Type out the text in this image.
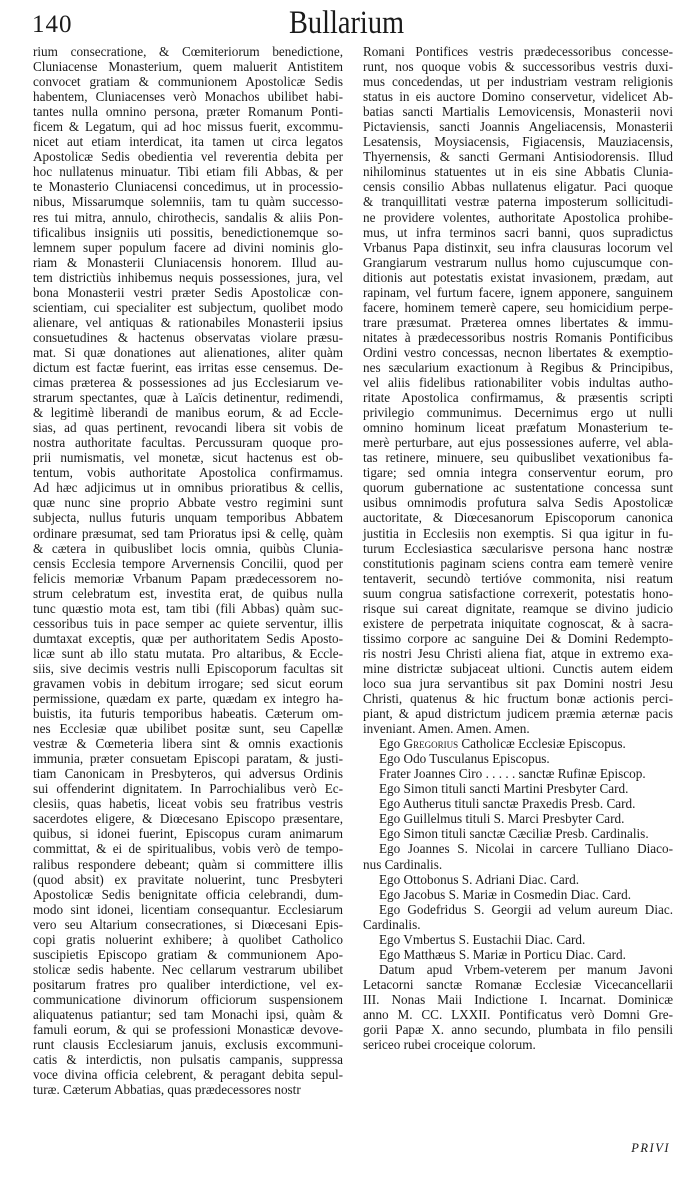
140	Bullarium
rium consecratione, & Cœmiteriorum benedictione,
Cluniacense Monasterium, quem maluerit Antistitem
convocet gratiam & communionem Apostolicæ Sedis
habentem, Cluniacenses verò Monachos ubilibet habi-
tantes nulla omnino persona, præter Romanum Ponti-
ficem & Legatum, qui ad hoc missus fuerit, excommu-
nicet aut etiam interdicat, ita tamen ut circa legatos
Apostolicæ Sedis obedientia vel reverentia debita per
hoc nullatenus minuatur. Tibi etiam fili Abbas, & per
te Monasterio Cluniacensi concedimus, ut in processio-
nibus, Missarumque solemniis, tam tu quàm successo-
res tui mitra, annulo, chirothecis, sandalis & aliis Pon-
tificalibus insigniis uti possitis, benedictionemque so-
lemnem super populum facere ad divini nominis glo-
riam & Monasterii Cluniacensis honorem. Illud au-
tem districtiùs inhibemus nequis possessiones, jura, vel
bona Monasterii vestri præter Sedis Apostolicæ con-
scientiam, cui specialiter est subjectum, quolibet modo
alienare, vel antiquas & rationabiles Monasterii ipsius
consuetudines & hactenus observatas violare præsu-
mat. Si quæ donationes aut alienationes, aliter quàm
dictum est factæ fuerint, eas irritas esse censemus. De-
cimas præterea & possessiones ad jus Ecclesiarum ve-
strarum spectantes, quæ à Laïcis detinentur, redimendi,
& legitimè liberandi de manibus eorum, & ad Eccle-
sias, ad quas pertinent, revocandi libera sit vobis de
nostra authoritate facultas. Percussuram quoque pro-
prii numismatis, vel monetæ, sicut hactenus est ob-
tentum, vobis authoritate Apostolica confirmamus.
Ad hæc adjicimus ut in omnibus prioratibus & cellis,
quæ nunc sine proprio Abbate vestro regimini sunt
subjecta, nullus futuris unquam temporibus Abbatem
ordinare præsumat, sed tam Prioratus ipsi & cellę, quàm
& cætera in quibuslibet locis omnia, quibùs Clunia-
censis Ecclesia tempore Arvernensis Concilii, quod per
felicis memoriæ Vrbanum Papam prædecessorem no-
strum celebratum est, investita erat, de quibus nulla
tunc quæstio mota est, tam tibi (fili Abbas) quàm suc-
cessoribus tuis in pace semper ac quiete serventur, illis
dumtaxat exceptis, quæ per authoritatem Sedis Aposto-
licæ sunt ab illo statu mutata. Pro altaribus, & Eccle-
siis, sive decimis vestris nulli Episcoporum facultas sit
gravamen vobis in debitum irrogare; sed sicut eorum
permissione, quædam ex parte, quædam ex integro ha-
buistis, ita futuris temporibus habeatis. Cæterum om-
nes Ecclesiæ quæ ubilibet positæ sunt, seu Capellæ
vestræ & Cœmeteria libera sint & omnis exactionis
immunia, præter consuetam Episcopi paratam, & justi-
tiam Canonicam in Presbyteros, qui adversus Ordinis
sui offenderint dignitatem. In Parrochialibus verò Ec-
clesiis, quas habetis, liceat vobis seu fratribus vestris
sacerdotes eligere, & Diœcesano Episcopo præsentare,
quibus, si idonei fuerint, Episcopus curam animarum
committat, & ei de spiritualibus, vobis verò de tempo-
ralibus respondere debeant; quàm si committere illis
(quod absit) ex pravitate noluerint, tunc Presbyteri
Apostolicæ Sedis benignitate officia celebrandi, dum-
modo sint idonei, licentiam consequantur. Ecclesiarum
vero seu Altarium consecrationes, si Diœcesani Epis-
copi gratis noluerint exhibere; à quolibet Catholico
suscipietis Episcopo gratiam & communionem Apo-
stolicæ sedis habente. Nec cellarum vestrarum ubilibet
positarum fratres pro qualiber interdictione, vel ex-
communicatione divinorum officiorum suspensionem
aliquatenus patiantur; sed tam Monachi ipsi, quàm &
famuli eorum, & qui se professioni Monasticæ devove-
runt clausis Ecclesiarum januis, exclusis excommuni-
catis & interdictis, non pulsatis campanis, suppressa
voce divina officia celebrent, & peragant debita sepul-
turæ. Cæterum Abbatias, quas prædecessores nostr
Romani Pontifices vestris prædecessoribus concesse-
runt, nos quoque vobis & successoribus vestris duxi-
mus concedendas, ut per industriam vestram religionis
status in eis auctore Domino conservetur, videlicet Ab-
batias sancti Martialis Lemovicensis, Monasterii novi
Pictaviensis, sancti Joannis Angeliacensis, Monasterii
Lesatensis, Moysiacensis, Figiacensis, Mauziacensis,
Thyernensis, & sancti Germani Antisiodorensis. Illud
nihilominus statuentes ut in eis sine Abbatis Clunia-
censis consilio Abbas nullatenus eligatur. Paci quoque
& tranquillitati vestræ paterna imposterum sollicitudi-
ne providere volentes, authoritate Apostolica prohibe-
mus, ut infra terminos sacri banni, quos supradictus
Vrbanus Papa distinxit, seu infra clausuras locorum vel
Grangiarum vestrarum nullus homo cujuscumque con-
ditionis aut potestatis existat invasionem, prædam, aut
rapinam, vel furtum facere, ignem apponere, sanguinem
facere, hominem temerè capere, seu homicidium perpe-
trare præsumat. Præterea omnes libertates & immu-
nitates à prædecessoribus nostris Romanis Pontificibus
Ordini vestro concessas, necnon libertates & exemptio-
nes sæcularium exactionum à Regibus & Principibus,
vel aliis fidelibus rationabiliter vobis indultas autho-
ritate Apostolica confirmamus, & præsentis scripti
privilegio communimus. Decernimus ergo ut nulli
omnino hominum liceat præfatum Monasterium te-
merè perturbare, aut ejus possessiones auferre, vel abla-
tas retinere, minuere, seu quibuslibet vexationibus fa-
tigare; sed omnia integra conserventur eorum, pro
quorum gubernatione ac sustentatione concessa sunt
usibus omnimodis profutura salva Sedis Apostolicæ
auctoritate, & Diœcesanorum Episcoporum canonica
justitia in Ecclesiis non exemptis. Si qua igitur in fu-
turum Ecclesiastica sæcularisve persona hanc nostræ
constitutionis paginam sciens contra eam temerè venire
tentaverit, secundò tertióve commonita, nisi reatum
suum congrua satisfactione correxerit, potestatis hono-
risque sui careat dignitate, reamque se divino judicio
existere de perpetrata iniquitate cognoscat, & à sacra-
tissimo corpore ac sanguine Dei & Domini Redempto-
ris nostri Jesu Christi aliena fiat, atque in extremo exa-
mine districtæ subjaceat ultioni. Cunctis autem eidem
loco sua jura servantibus sit pax Domini nostri Jesu
Christi, quatenus & hic fructum bonæ actionis perci-
piant, & apud districtum judicem præmia æternæ pacis
inveniant. Amen. Amen. Amen.
Ego Gregorius Catholicæ Ecclesiæ Episcopus.
Ego Odo Tusculanus Episcopus.
Frater Joannes Ciro . . . . . sanctæ Rufinæ Episcop.
Ego Simon tituli sancti Martini Presbyter Card.
Ego Autherus tituli sanctæ Praxedis Presb. Card.
Ego Guillelmus tituli S. Marci Presbyter Card.
Ego Simon tituli sanctæ Cæciliæ Presb. Cardinalis.
Ego Joannes S. Nicolai in carcere Tulliano Diaco-
nus Cardinalis.
Ego Ottobonus S. Adriani Diac. Card.
Ego Jacobus S. Mariæ in Cosmedin Diac. Card.
Ego Godefridus S. Georgii ad velum aureum Diac.
Cardinalis.
Ego Vmbertus S. Eustachii Diac. Card.
Ego Matthæus S. Mariæ in Porticu Diac. Card.
Datum apud Vrbem-veterem per manum Javoni
Letacorni sanctæ Romanæ Ecclesiæ Vicecancellarii
III. Nonas Maii Indictione I. Incarnat. Dominicæ
anno M. CC. LXXII. Pontificatus verò Domni Gre-
gorii Papæ X. anno secundo, plumbata in filo pensili
sericeo rubei croceique colorum.
PRIVI
